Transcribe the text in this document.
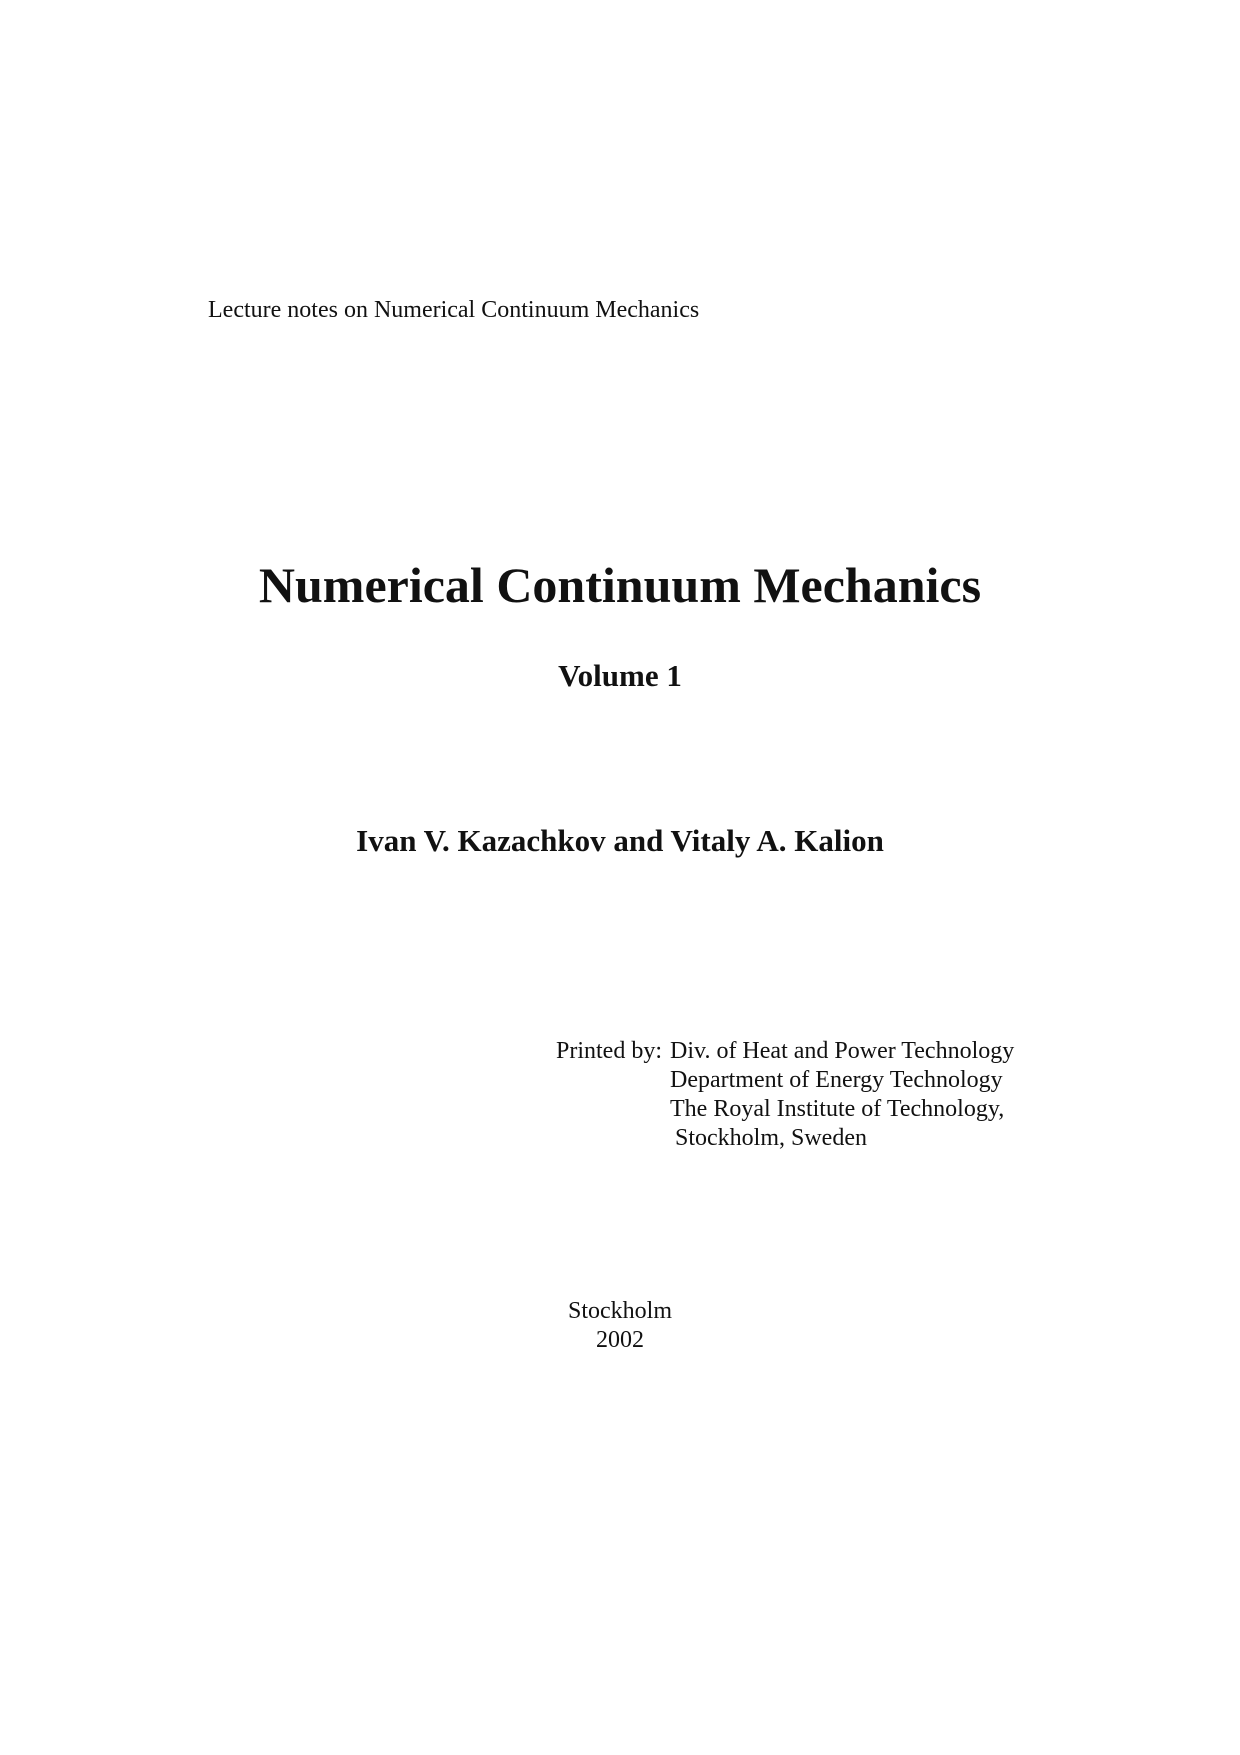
Lecture notes on Numerical Continuum Mechanics
Numerical Continuum Mechanics
Volume 1
Ivan V. Kazachkov and Vitaly A. Kalion
Printed by: Div. of Heat and Power Technology
Department of Energy Technology
The Royal Institute of Technology,
Stockholm, Sweden
Stockholm
2002
